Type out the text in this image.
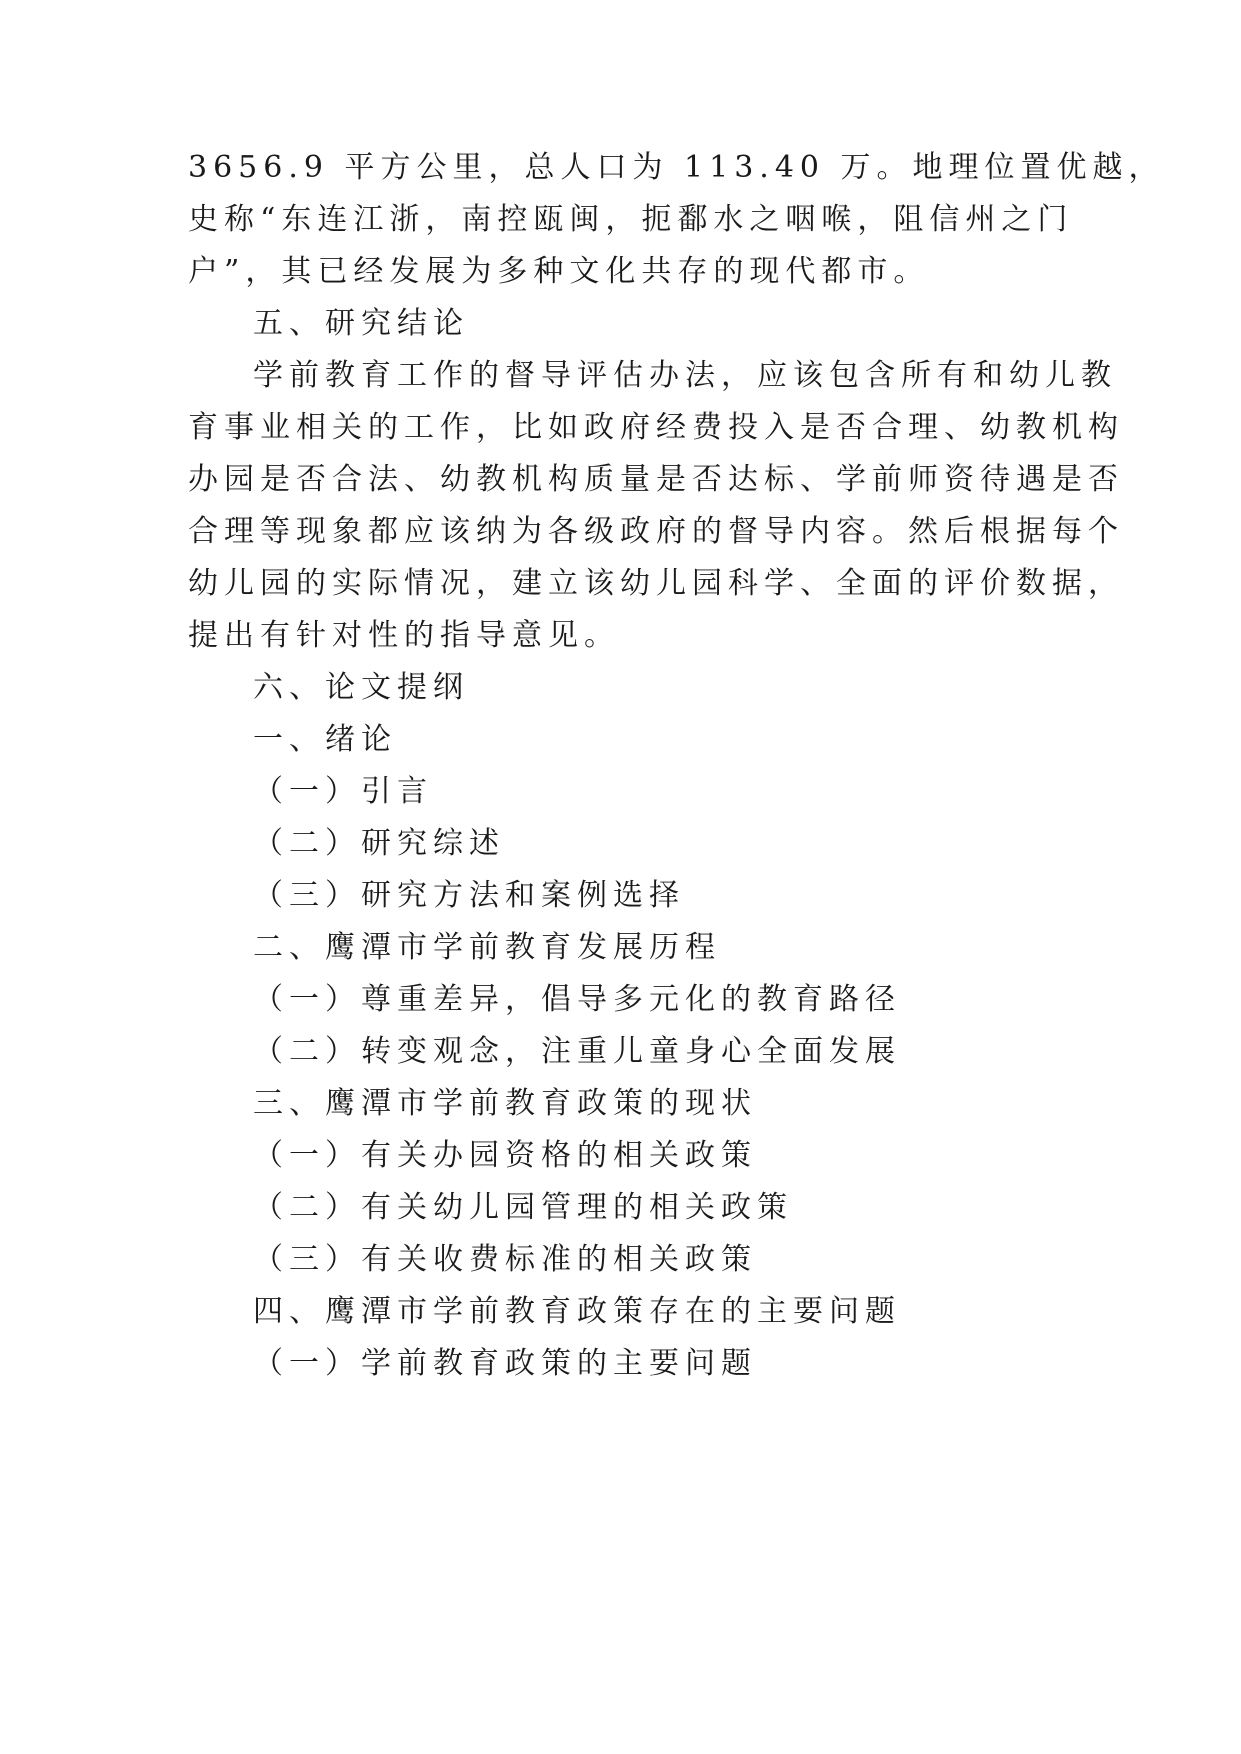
3656.9 平方公里，总人口为 113.40 万。地理位置优越，
史称“东连江浙，南控瓯闽，扼鄱水之咽喉，阻信州之门
户”，其已经发展为多种文化共存的现代都市。
五、研究结论
学前教育工作的督导评估办法，应该包含所有和幼儿教
育事业相关的工作，比如政府经费投入是否合理、幼教机构
办园是否合法、幼教机构质量是否达标、学前师资待遇是否
合理等现象都应该纳为各级政府的督导内容。然后根据每个
幼儿园的实际情况，建立该幼儿园科学、全面的评价数据，
提出有针对性的指导意见。
六、论文提纲
一、绪论
（一）引言
（二）研究综述
（三）研究方法和案例选择
二、鹰潭市学前教育发展历程
（一）尊重差异，倡导多元化的教育路径
（二）转变观念，注重儿童身心全面发展
三、鹰潭市学前教育政策的现状
（一）有关办园资格的相关政策
（二）有关幼儿园管理的相关政策
（三）有关收费标准的相关政策
四、鹰潭市学前教育政策存在的主要问题
（一）学前教育政策的主要问题
